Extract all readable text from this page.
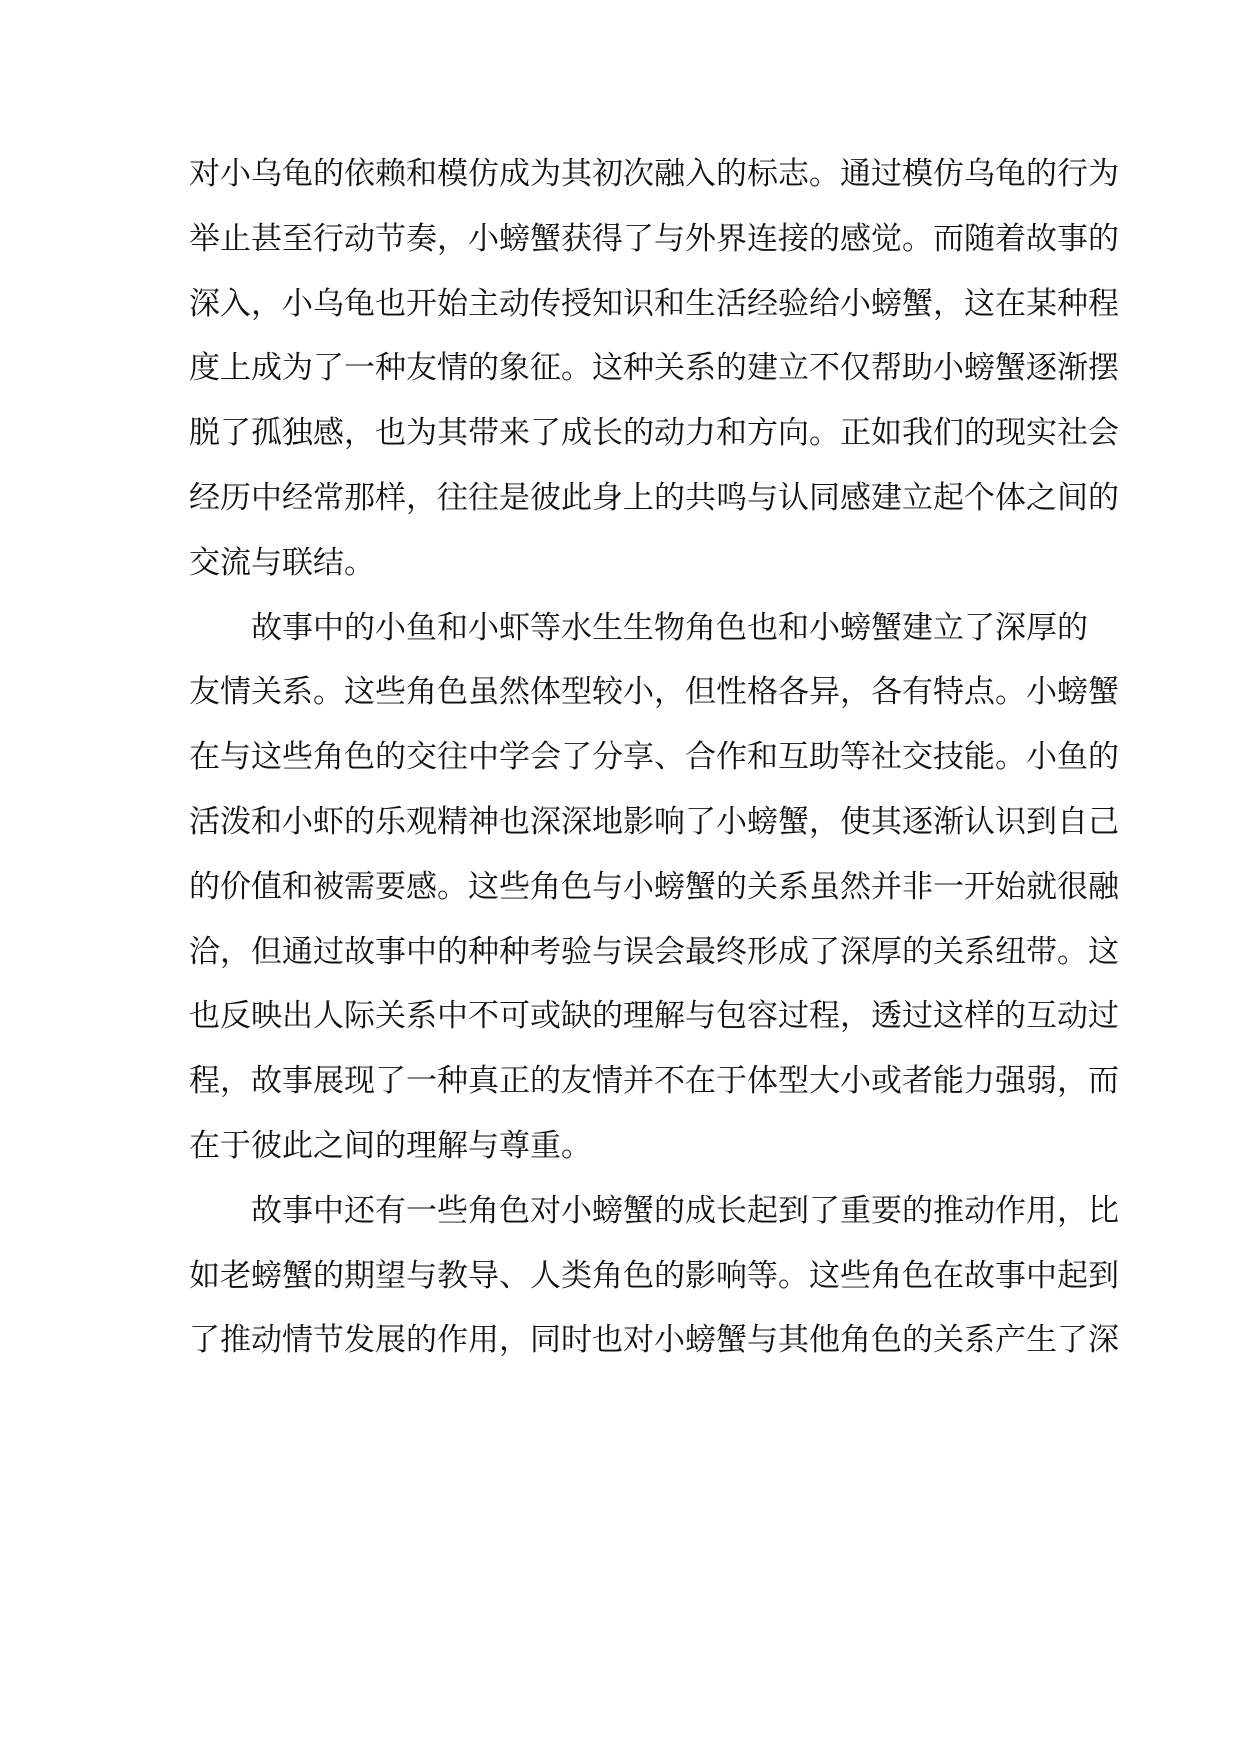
对小乌龟的依赖和模仿成为其初次融入的标志。通过模仿乌龟的行为
举止甚至行动节奏，小螃蟹获得了与外界连接的感觉。而随着故事的
深入，小乌龟也开始主动传授知识和生活经验给小螃蟹，这在某种程
度上成为了一种友情的象征。这种关系的建立不仅帮助小螃蟹逐渐摆
脱了孤独感，也为其带来了成长的动力和方向。正如我们的现实社会
经历中经常那样，往往是彼此身上的共鸣与认同感建立起个体之间的
交流与联结。
故事中的小鱼和小虾等水生生物角色也和小螃蟹建立了深厚的
友情关系。这些角色虽然体型较小，但性格各异，各有特点。小螃蟹
在与这些角色的交往中学会了分享、合作和互助等社交技能。小鱼的
活泼和小虾的乐观精神也深深地影响了小螃蟹，使其逐渐认识到自己
的价值和被需要感。这些角色与小螃蟹的关系虽然并非一开始就很融
洽，但通过故事中的种种考验与误会最终形成了深厚的关系纽带。这
也反映出人际关系中不可或缺的理解与包容过程，透过这样的互动过
程，故事展现了一种真正的友情并不在于体型大小或者能力强弱，而
在于彼此之间的理解与尊重。
故事中还有一些角色对小螃蟹的成长起到了重要的推动作用，比
如老螃蟹的期望与教导、人类角色的影响等。这些角色在故事中起到
了推动情节发展的作用，同时也对小螃蟹与其他角色的关系产生了深
